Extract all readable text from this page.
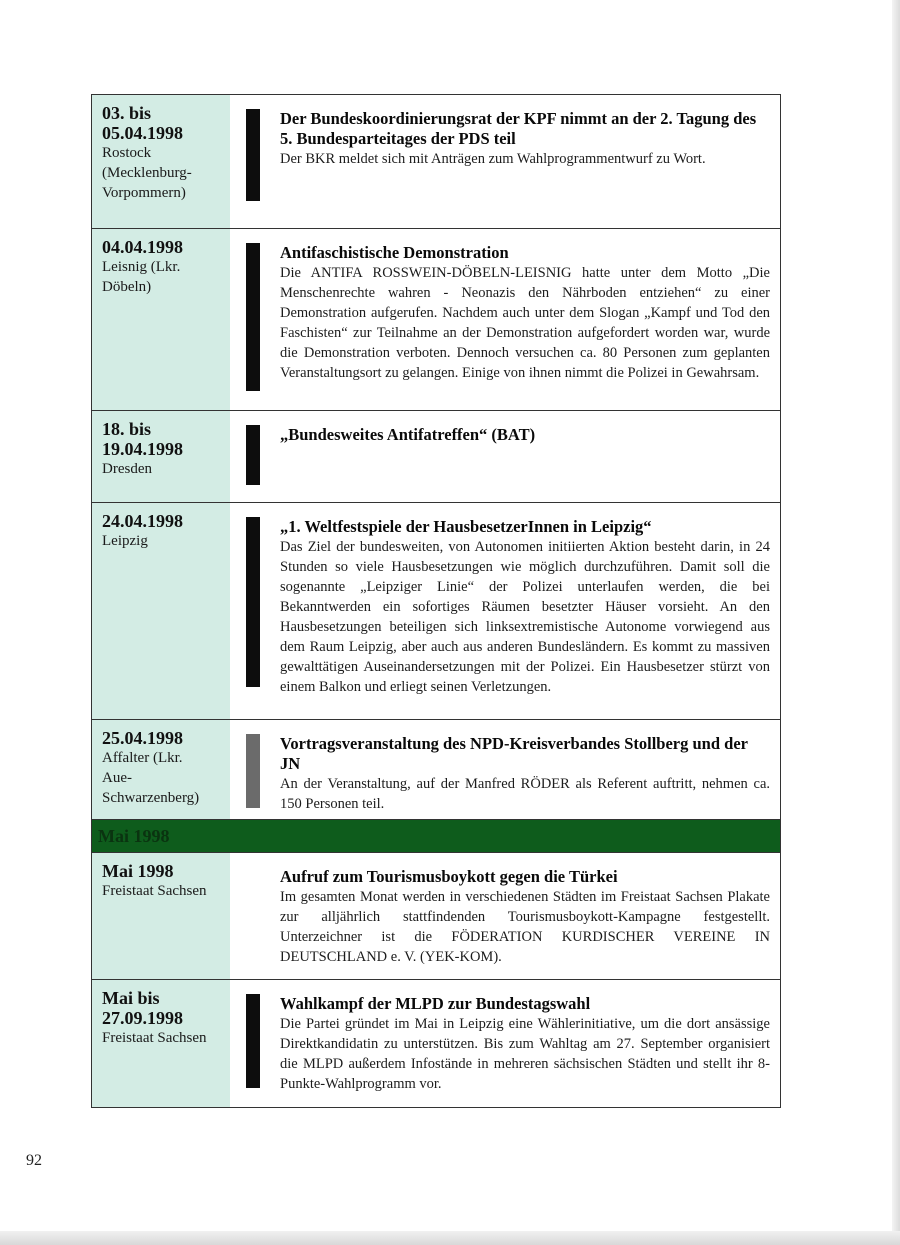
03. bis 05.04.1998
Rostock (Mecklenburg-Vorpommern)
Der Bundeskoordinierungsrat der KPF nimmt an der 2. Tagung des 5. Bundesparteitages der PDS teil
Der BKR meldet sich mit Anträgen zum Wahlprogrammentwurf zu Wort.
04.04.1998
Leisnig (Lkr. Döbeln)
Antifaschistische Demonstration
Die ANTIFA ROSSWEIN-DÖBELN-LEISNIG hatte unter dem Motto „Die Menschenrechte wahren - Neonazis den Nährboden entziehen“ zu einer Demonstration aufgerufen. Nachdem auch unter dem Slogan „Kampf und Tod den Faschisten“ zur Teilnahme an der Demonstration aufgefordert worden war, wurde die Demonstration verboten. Dennoch versuchen ca. 80 Personen zum geplanten Veranstaltungsort zu gelangen. Einige von ihnen nimmt die Polizei in Gewahrsam.
18. bis 19.04.1998
Dresden
„Bundesweites Antifatreffen“ (BAT)
24.04.1998
Leipzig
„1. Weltfestspiele der HausbesetzerInnen in Leipzig“
Das Ziel der bundesweiten, von Autonomen initiierten Aktion besteht darin, in 24 Stunden so viele Hausbesetzungen wie möglich durchzuführen. Damit soll die sogenannte „Leipziger Linie“ der Polizei unterlaufen werden, die bei Bekanntwerden ein sofortiges Räumen besetzter Häuser vorsieht. An den Hausbesetzungen beteiligen sich linksextremistische Autonome vorwiegend aus dem Raum Leipzig, aber auch aus anderen Bundesländern. Es kommt zu massiven gewalttätigen Auseinandersetzungen mit der Polizei. Ein Hausbesetzer stürzt von einem Balkon und erliegt seinen Verletzungen.
25.04.1998
Affalter (Lkr. Aue-Schwarzenberg)
Vortragsveranstaltung des NPD-Kreisverbandes Stollberg und der JN
An der Veranstaltung, auf der Manfred RÖDER als Referent auftritt, nehmen ca. 150 Personen teil.
Mai 1998
Mai 1998
Freistaat Sachsen
Aufruf zum Tourismusboykott gegen die Türkei
Im gesamten Monat werden in verschiedenen Städten im Freistaat Sachsen Plakate zur alljährlich stattfindenden Tourismusboykott-Kampagne festgestellt. Unterzeichner ist die FÖDERATION KURDISCHER VEREINE IN DEUTSCHLAND e. V. (YEK-KOM).
Mai bis 27.09.1998
Freistaat Sachsen
Wahlkampf der MLPD zur Bundestagswahl
Die Partei gründet im Mai in Leipzig eine Wählerinitiative, um die dort ansässige Direktkandidatin zu unterstützen. Bis zum Wahltag am 27. September organisiert die MLPD außerdem Infostände in mehreren sächsischen Städten und stellt ihr 8-Punkte-Wahlprogramm vor.
92
